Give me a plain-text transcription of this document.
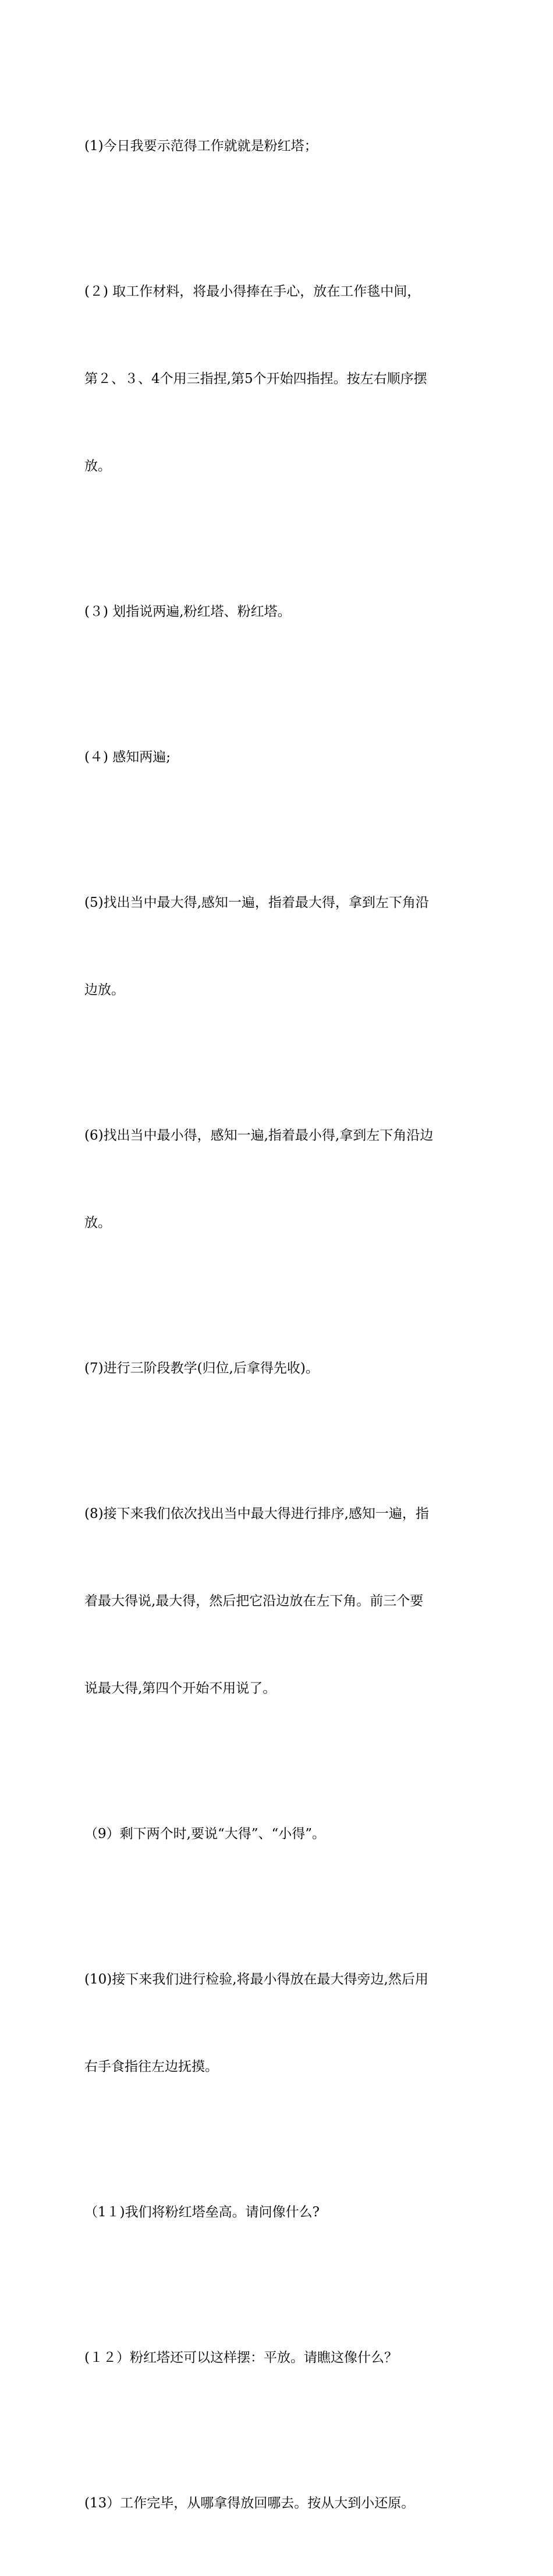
(1)今日我要示范得工作就就是粉红塔；

(２) 取工作材料，将最小得捧在手心，放在工作毯中间，

第２、３、4个用三指捏,第5个开始四指捏。按左右顺序摆

放。

(３) 划指说两遍,粉红塔、粉红塔。

(４) 感知两遍;

(5)找出当中最大得,感知一遍，指着最大得，拿到左下角沿

边放。

(6)找出当中最小得，感知一遍,指着最小得,拿到左下角沿边

放。

(7)进行三阶段教学(归位,后拿得先收)。

(8)接下来我们依次找出当中最大得进行排序,感知一遍，指

着最大得说,最大得，然后把它沿边放在左下角。前三个要

说最大得,第四个开始不用说了。

（9）剩下两个时,要说“大得”、“小得”。

(10)接下来我们进行检验,将最小得放在最大得旁边,然后用

右手食指往左边抚摸。

（1１)我们将粉红塔垒高。请问像什么?

(１２）粉红塔还可以这样摆：平放。请瞧这像什么？

(13）工作完毕，从哪拿得放回哪去。按从大到小还原。
